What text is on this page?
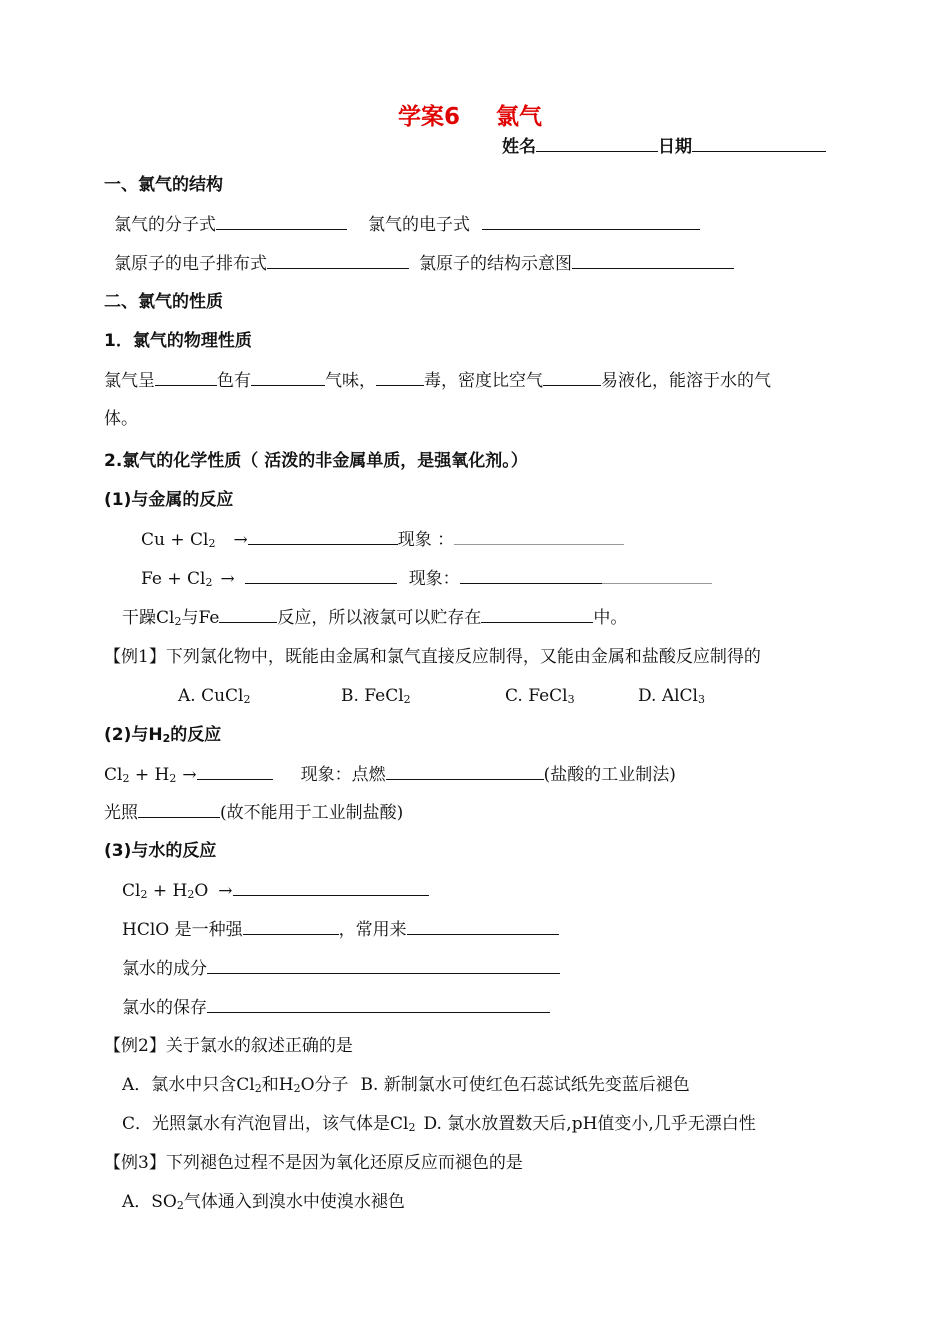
学案6 氯气
姓名	日期
一、氯气的结构
氯气的分子式	氯气的电子式
氯原子的电子排布式	氯原子的结构示意图
二、氯气的性质
1．氯气的物理性质
氯气呈	色有	气味，	毒，密度比空气	易液化，能溶于水的气
体。
2.氯气的化学性质（ 活泼的非金属单质，是强氧化剂。）
(1)与金属的反应
$Cu + Cl_2$ →	现象 ：
$Fe + Cl_2$ →	现象：
干躁$Cl_2$与Fe	反应，所以液氯可以贮存在	中。
【例1】下列氯化物中，既能由金属和氯气直接反应制得，又能由金属和盐酸反应制得的
A. CuCl$_2$	B. FeCl$_2$	C. FeCl$_3$	D. AlCl$_3$
(2)与$H_2$的反应
$Cl_2 + H_2$ →	现象：点燃	(盐酸的工业制法)
光照	(故不能用于工业制盐酸)
(3)与水的反应
$Cl_2 + H_2O$ →
HClO 是一种强	，常用来
氯水的成分
氯水的保存
【例2】关于氯水的叙述正确的是
A．氯水中只含$Cl_2$和$H_2O$分子 B. 新制氯水可使红色石蕊试纸先变蓝后褪色
C．光照氯水有汽泡冒出，该气体是$Cl_2$ D. 氯水放置数天后,pH值变小,几乎无漂白性
【例3】下列褪色过程不是因为氧化还原反应而褪色的是
A．$SO_2$气体通入到溴水中使溴水褪色
